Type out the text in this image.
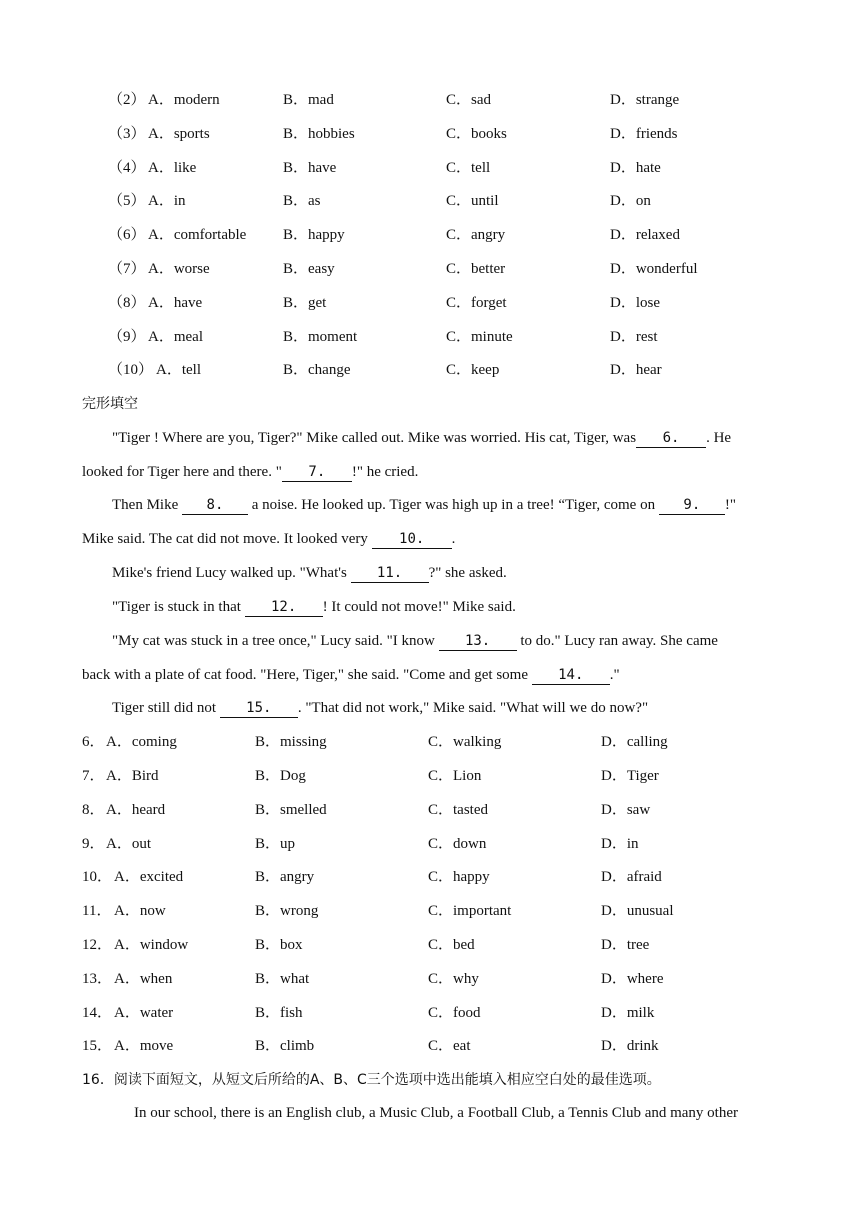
（2） A．modern	B．mad	C．sad	D．strange
（3） A．sports	B．hobbies	C．books	D．friends
（4） A．like	B．have	C．tell	D．hate
（5） A．in	B．as	C．until	D．on
（6） A．comfortable B．happy	C．angry	D．relaxed
（7） A．worse	B．easy	C．better	D．wonderful
（8） A．have	B．get	C．forget	D．lose
（9） A．meal	B．moment	C．minute	D．rest
（10） A．tell	B．change	C．keep	D．hear
完形填空
"Tiger ! Where are you, Tiger?" Mike called out. Mike was worried. His cat, Tiger, was 6. . He
looked for Tiger here and there. " 7. !" he cried.
Then Mike 8. a noise. He looked up. Tiger was high up in a tree! “Tiger, come on 9. !"
Mike said. The cat did not move. It looked very 10. .
Mike's friend Lucy walked up. "What's 11. ?" she asked.
"Tiger is stuck in that 12. ! It could not move!" Mike said.
"My cat was stuck in a tree once," Lucy said. "I know 13. to do." Lucy ran away. She came
back with a plate of cat food. "Here, Tiger," she said. "Come and get some 14. ."
Tiger still did not 15. . "That did not work," Mike said. "What will we do now?"
6． A．coming	B．missing	C．walking	D．calling
7． A．Bird	B．Dog	C．Lion	D．Tiger
8． A．heard	B．smelled	C．tasted	D．saw
9． A．out	B．up	C．down	D．in
10． A．excited	B．angry	C．happy	D．afraid
11． A．now	B．wrong	C．important	D．unusual
12． A．window	B．box	C．bed	D．tree
13． A．when	B．what	C．why	D．where
14． A．water	B．fish	C．food	D．milk
15． A．move	B．climb	C．eat	D．drink
16．阅读下面短文，从短文后所给的A、B、C三个选项中选出能填入相应空白处的最佳选项。
In our school, there is an English club, a Music Club, a Football Club, a Tennis Club and many other
